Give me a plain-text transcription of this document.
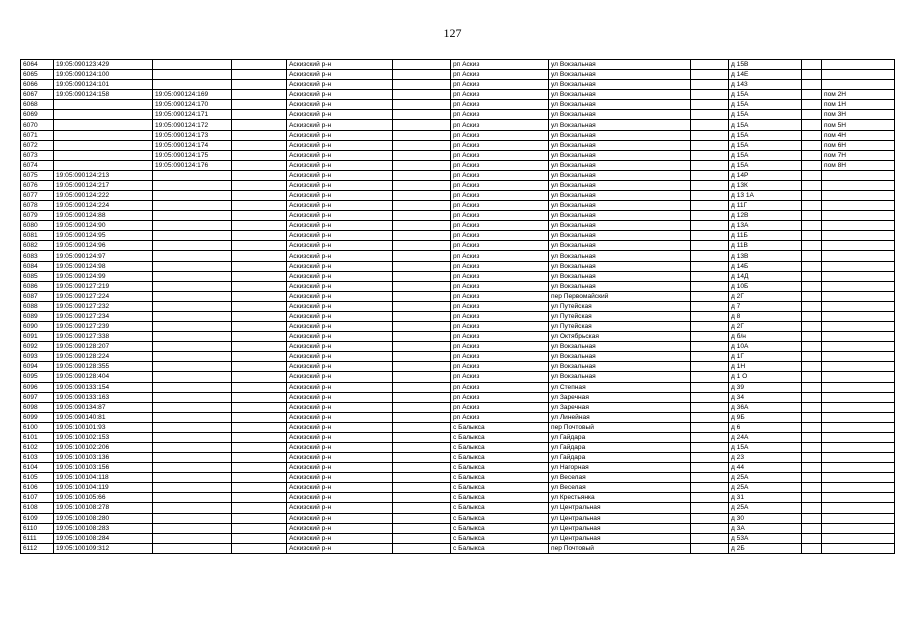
127
6064	19:05:090123:429			Аскизский р-н		рп Аскиз	ул Вокзальная		д 15В		
6065	19:05:090124:100			Аскизский р-н		рп Аскиз	ул Вокзальная		д 14Е		
6066	19:05:090124:101			Аскизский р-н		рп Аскиз	ул Вокзальная		д 143		
6067	19:05:090124:158	19:05:090124:169		Аскизский р-н		рп Аскиз	ул Вокзальная		д 15А		пом 2Н
6068		19:05:090124:170		Аскизский р-н		рп Аскиз	ул Вокзальная		д 15А		пом 1Н
6069		19:05:090124:171		Аскизский р-н		рп Аскиз	ул Вокзальная		д 15А		пом 3Н
6070		19:05:090124:172		Аскизский р-н		рп Аскиз	ул Вокзальная		д 15А		пом 5Н
6071		19:05:090124:173		Аскизский р-н		рп Аскиз	ул Вокзальная		д 15А		пом 4Н
6072		19:05:090124:174		Аскизский р-н		рп Аскиз	ул Вокзальная		д 15А		пом 6Н
6073		19:05:090124:175		Аскизский р-н		рп Аскиз	ул Вокзальная		д 15А		пом 7Н
6074		19:05:090124:176		Аскизский р-н		рп Аскиз	ул Вокзальная		д 15А		пом 8Н
6075	19:05:090124:213			Аскизский р-н		рп Аскиз	ул Вокзальная		д 14Р		
6076	19:05:090124:217			Аскизский р-н		рп Аскиз	ул Вокзальная		д 13К		
6077	19:05:090124:222			Аскизский р-н		рп Аскиз	ул Вокзальная		д 13 1А		
6078	19:05:090124:224			Аскизский р-н		рп Аскиз	ул Вокзальная		д 11Г		
6079	19:05:090124:88			Аскизский р-н		рп Аскиз	ул Вокзальная		д 12В		
6080	19:05:090124:90			Аскизский р-н		рп Аскиз	ул Вокзальная		д 13А		
6081	19:05:090124:95			Аскизский р-н		рп Аскиз	ул Вокзальная		д 11Б		
6082	19:05:090124:96			Аскизский р-н		рп Аскиз	ул Вокзальная		д 11В		
6083	19:05:090124:97			Аскизский р-н		рп Аскиз	ул Вокзальная		д 13В		
6084	19:05:090124:98			Аскизский р-н		рп Аскиз	ул Вокзальная		д 14Б		
6085	19:05:090124:99			Аскизский р-н		рп Аскиз	ул Вокзальная		д 14Д		
6086	19:05:090127:219			Аскизский р-н		рп Аскиз	ул Вокзальная		д 10Б		
6087	19:05:090127:224			Аскизский р-н		рп Аскиз	пер Первомайский		д 2Г		
6088	19:05:090127:232			Аскизский р-н		рп Аскиз	ул Путейская		д 7		
6089	19:05:090127:234			Аскизский р-н		рп Аскиз	ул Путейская		д 8		
6090	19:05:090127:239			Аскизский р-н		рп Аскиз	ул Путейская		д 2Г		
6091	19:05:090127:338			Аскизский р-н		рп Аскиз	ул Октябрьская		д б/н		
6092	19:05:090128:207			Аскизский р-н		рп Аскиз	ул Вокзальная		д 10А		
6093	19:05:090128:224			Аскизский р-н		рп Аскиз	ул Вокзальная		д 1Г		
6094	19:05:090128:355			Аскизский р-н		рп Аскиз	ул Вокзальная		д 1Н		
6095	19:05:090128:404			Аскизский р-н		рп Аскиз	ул Вокзальная		д 1 О		
6096	19:05:090133:154			Аскизский р-н		рп Аскиз	ул Степная		д 39		
6097	19:05:090133:163			Аскизский р-н		рп Аскиз	ул Заречная		д 34		
6098	19:05:090134:87			Аскизский р-н		рп Аскиз	ул Заречная		д 36А		
6099	19:05:090140:81			Аскизский р-н		рп Аскиз	ул Линейная		д 9Б		
6100	19:05:100101:93			Аскизский р-н		с Балыкса	пер Почтовый		д 6		
6101	19:05:100102:153			Аскизский р-н		с Балыкса	ул Гайдара		д 24А		
6102	19:05:100102:206			Аскизский р-н		с Балыкса	ул Гайдара		д 15А		
6103	19:05:100103:136			Аскизский р-н		с Балыкса	ул Гайдара		д 23		
6104	19:05:100103:156			Аскизский р-н		с Балыкса	ул Нагорная		д 44		
6105	19:05:100104:118			Аскизский р-н		с Балыкса	ул Веселая		д 25А		
6106	19:05:100104:119			Аскизский р-н		с Балыкса	ул Веселая		д 25А		
6107	19:05:100105:66			Аскизский р-н		с Балыкса	ул Крестьянка		д 31		
6108	19:05:100108:278			Аскизский р-н		с Балыкса	ул Центральная		д 25А		
6109	19:05:100108:280			Аскизский р-н		с Балыкса	ул Центральная		д 30		
6110	19:05:100108:283			Аскизский р-н		с Балыкса	ул Центральная		д 3А		
6111	19:05:100108:284			Аскизский р-н		с Балыкса	ул Центральная		д 53А		
6112	19:05:100109:312			Аскизский р-н		с Балыкса	пер Почтовый		д 2Б		
